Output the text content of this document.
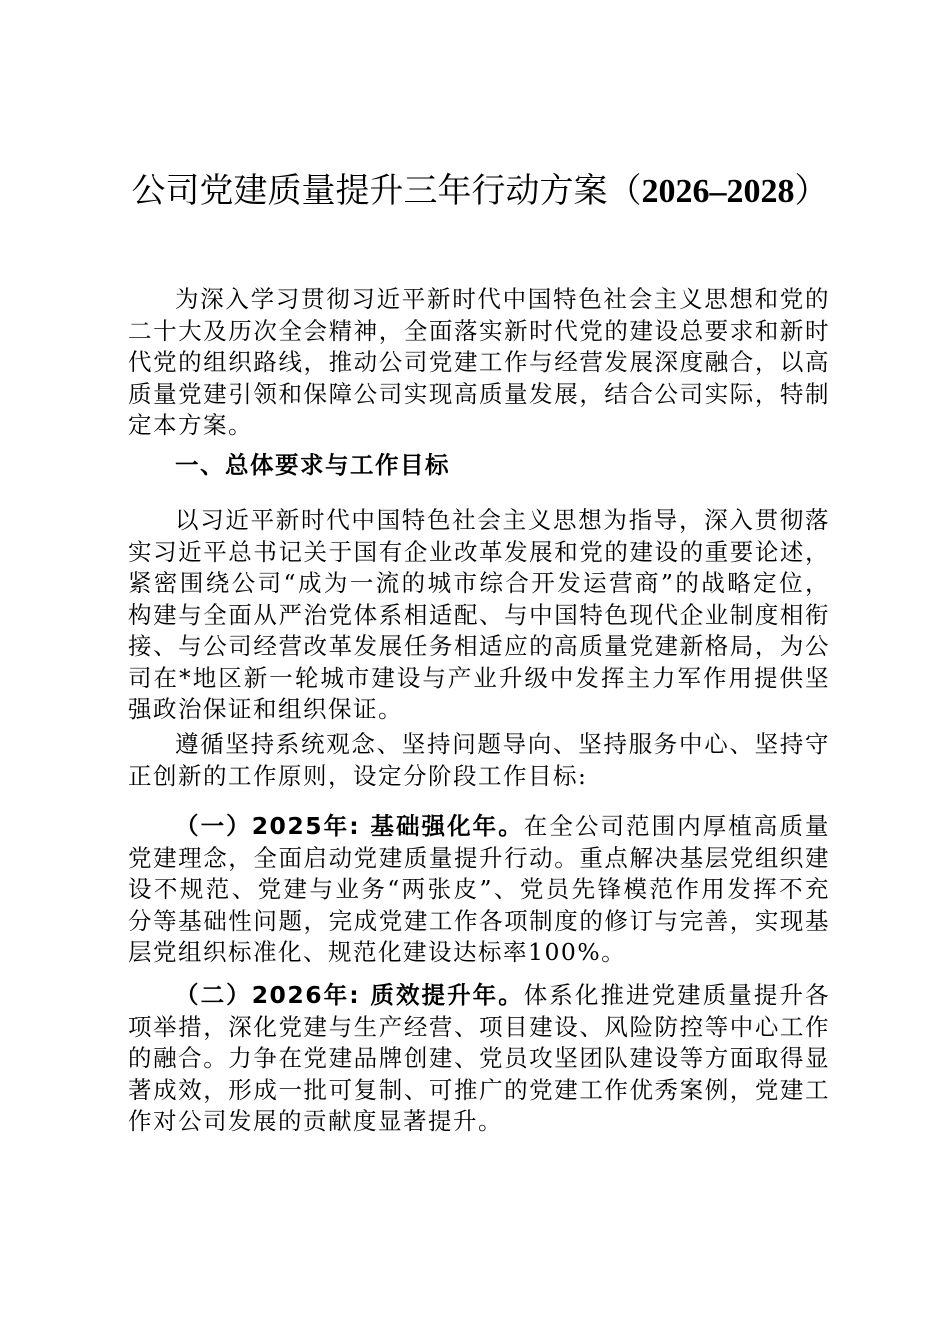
公司党建质量提升三年行动方案（2026–2028）

为深入学习贯彻习近平新时代中国特色社会主义思想和党的二十大及历次全会精神，全面落实新时代党的建设总要求和新时代党的组织路线，推动公司党建工作与经营发展深度融合，以高质量党建引领和保障公司实现高质量发展，结合公司实际，特制定本方案。

一、总体要求与工作目标

以习近平新时代中国特色社会主义思想为指导，深入贯彻落实习近平总书记关于国有企业改革发展和党的建设的重要论述，紧密围绕公司“成为一流的城市综合开发运营商”的战略定位，构建与全面从严治党体系相适配、与中国特色现代企业制度相衔接、与公司经营改革发展任务相适应的高质量党建新格局，为公司在*地区新一轮城市建设与产业升级中发挥主力军作用提供坚强政治保证和组织保证。

遵循坚持系统观念、坚持问题导向、坚持服务中心、坚持守正创新的工作原则，设定分阶段工作目标:

（一）2025年: 基础强化年。在全公司范围内厚植高质量党建理念，全面启动党建质量提升行动。重点解决基层党组织建设不规范、党建与业务“两张皮”、党员先锋模范作用发挥不充分等基础性问题，完成党建工作各项制度的修订与完善，实现基层党组织标准化、规范化建设达标率100%。

（二）2026年: 质效提升年。体系化推进党建质量提升各项举措，深化党建与生产经营、项目建设、风险防控等中心工作的融合。力争在党建品牌创建、党员攻坚团队建设等方面取得显著成效，形成一批可复制、可推广的党建工作优秀案例，党建工作对公司发展的贡献度显著提升。
